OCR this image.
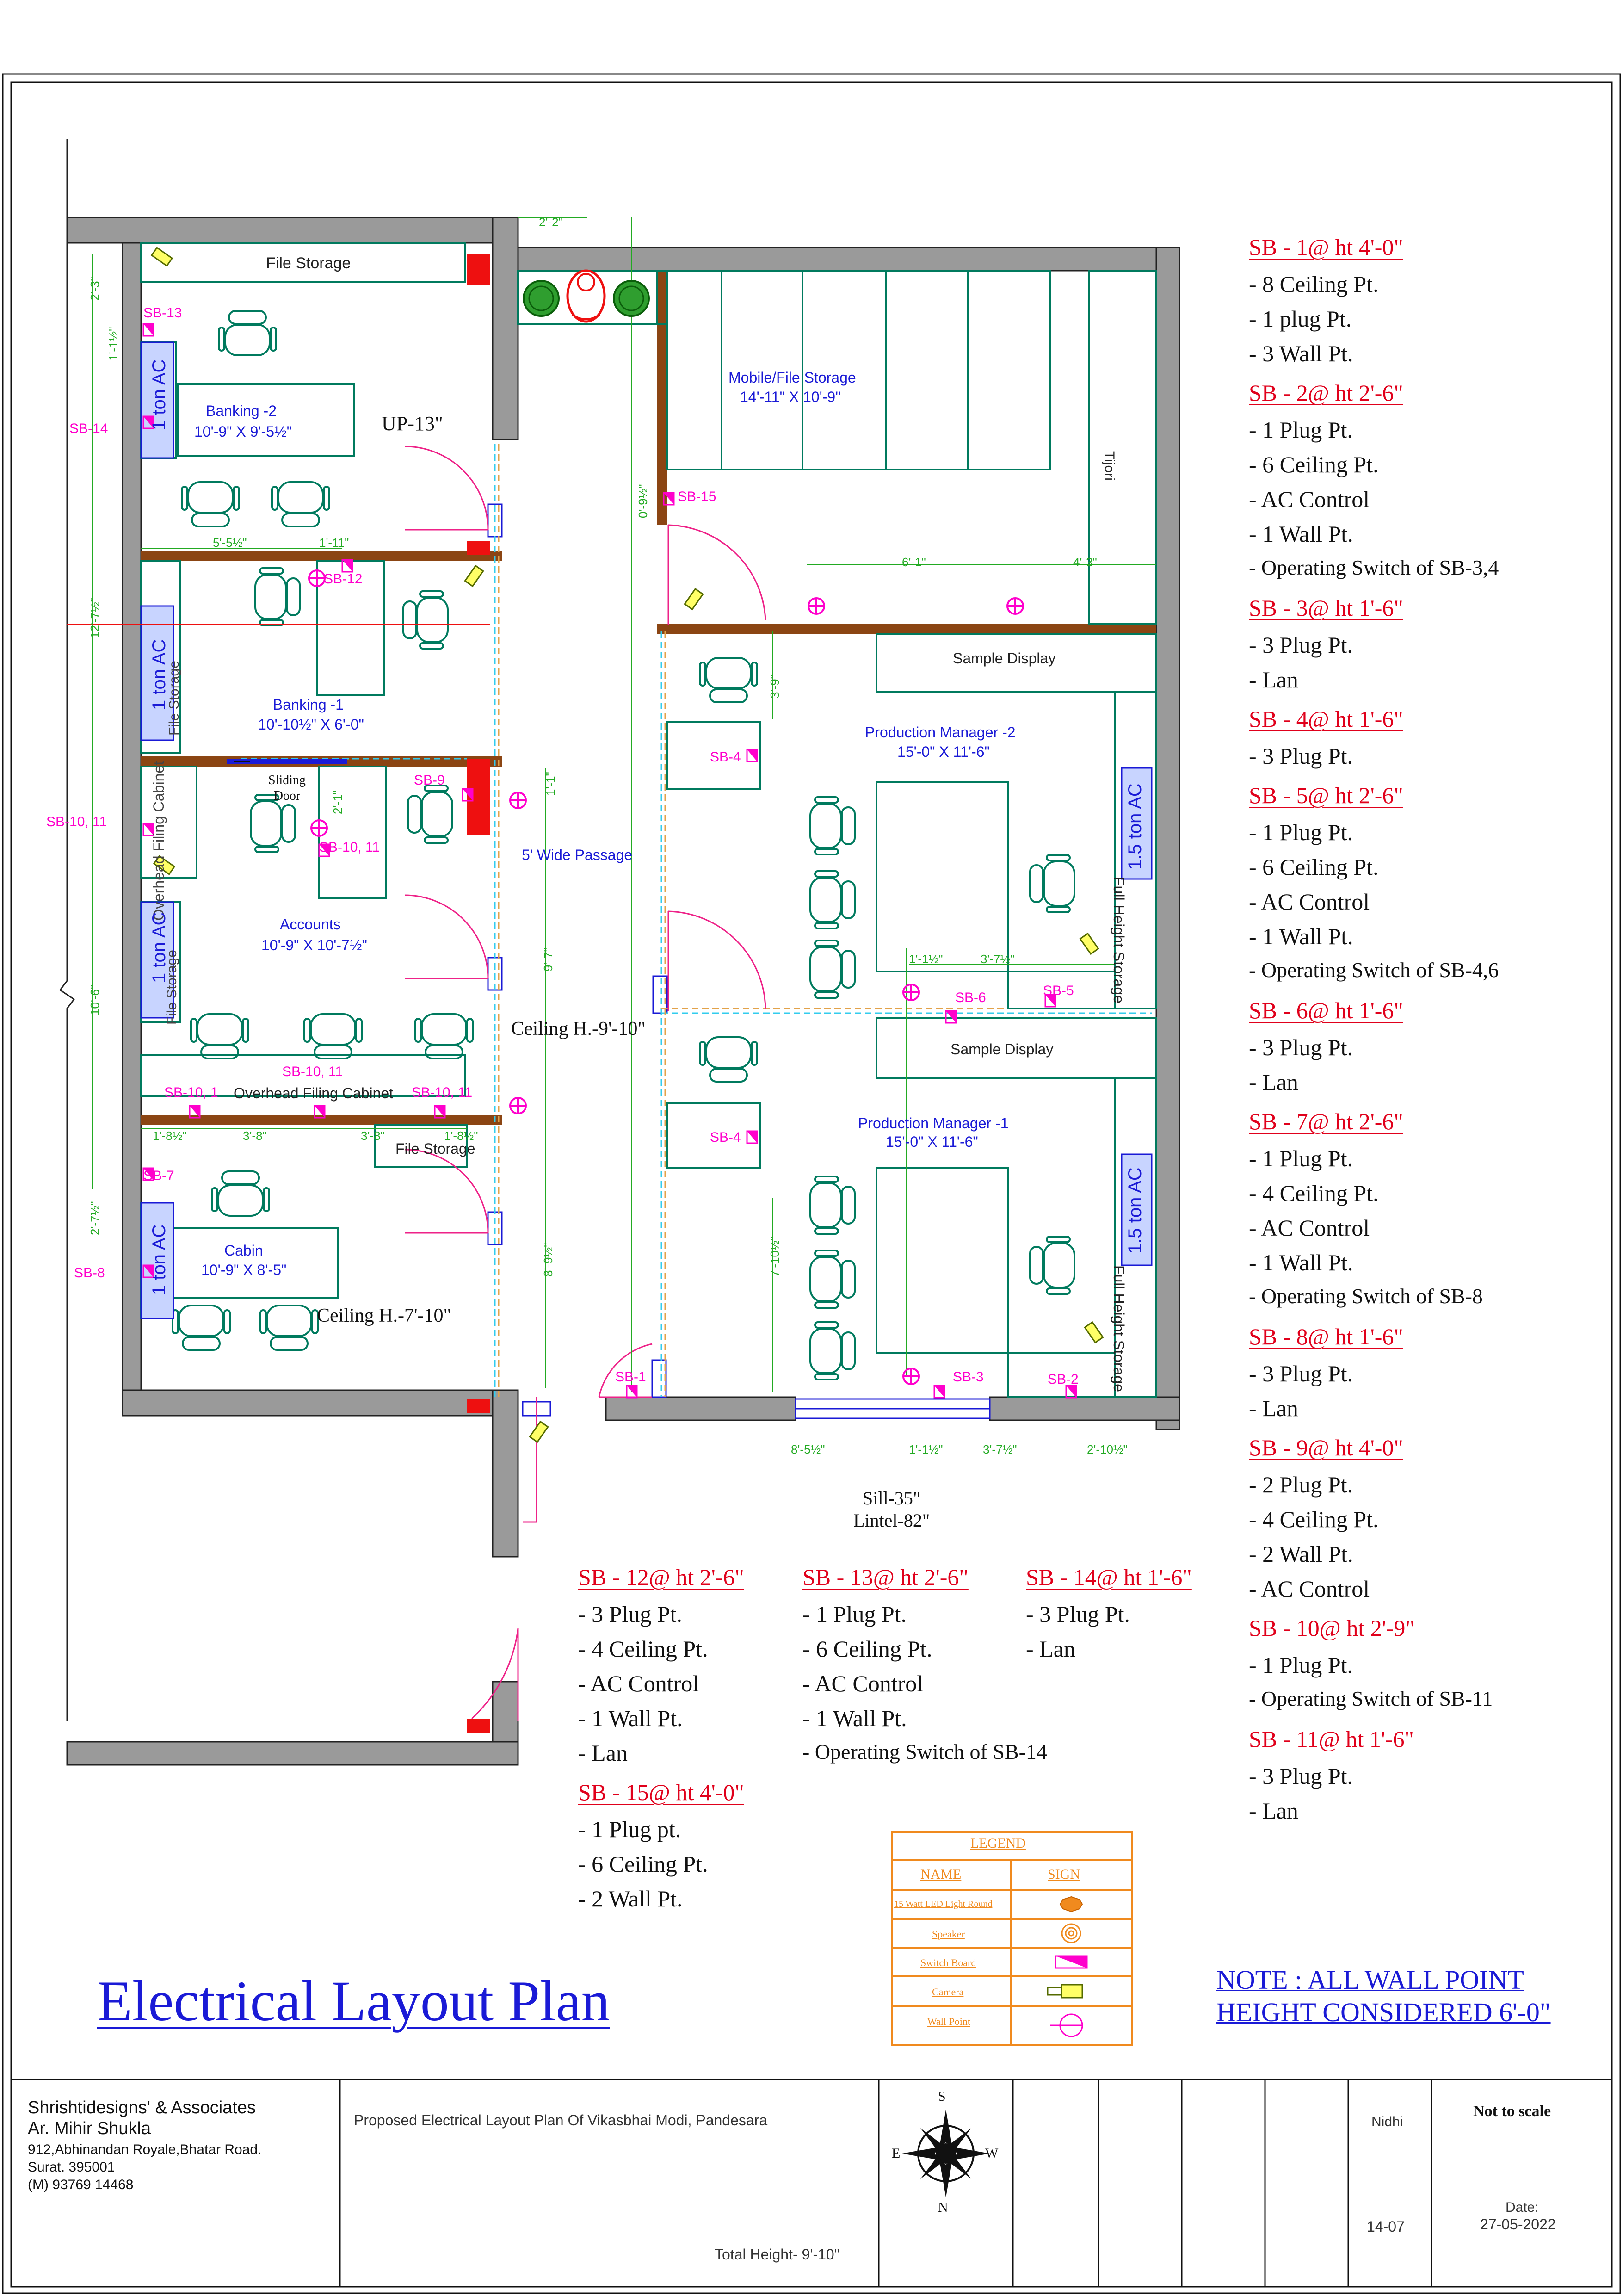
File Storage
Banking -2
10'-9" X 9'-5½"	UP-13"
Banking -1
10'-10½" X 6'-0"
Sliding
Door
Accounts
10'-9" X 10'-7½"
Overhead Filing Cabinet
File Storage
File Storage
Overhead Filing Cabinet
File Storage
Cabin
10'-9" X 8'-5"
Ceiling H.-7'-10"
5' Wide Passage
Ceiling H.-9'-10"
Mobile/File Storage
14'-11" X 10'-9"
Tijori
Sample Display
Sample Display
Production Manager -2
15'-0" X 11'-6"
Production Manager -1
15'-0" X 11'-6"
Full Height Storage
Full Height Storage
Sill-35"
Lintel-82"
1 ton AC
1 ton AC
1 ton AC
1 ton AC
1.5 ton AC
1.5 ton AC
SB-13
SB-14
SB-12
SB-10, 11
SB-9
SB-10, 11
SB-10, 1
SB-10, 11
SB-10, 11
SB-7
SB-8
SB-15
SB-4
SB-6	SB-5
SB-4
SB-1	SB-3	SB-2
2'-2"
1'-11"
5'-5½"
1'-8½"	3'-8"	3'-8"	1'-8½"
6'-1"	4'-3"
3'-7½"
8'-5½"	1'-1½"	3'-7½"	2'-10½"
1'-1½"
12'-7½"
10'-6"
2'-3"
1'-1½"
2'-7½"
2'-1"
1'-1"
9'-7"
8'-9½"
0'-9½"
3'-9"
7'-10½"
SB - 1@ ht 4'-0"
- 8 Ceiling Pt.
- 1 plug Pt.
- 3 Wall Pt.
SB - 2@ ht 2'-6"
- 1 Plug Pt.
- 6 Ceiling Pt.
- AC Control
- 1 Wall Pt.
- Operating Switch of SB-3,4
SB - 3@ ht 1'-6"
- 3 Plug Pt.
- Lan
SB - 4@ ht 1'-6"
- 3 Plug Pt.
SB - 5@ ht 2'-6"
- 1 Plug Pt.
- 6 Ceiling Pt.
- AC Control
- 1 Wall Pt.
- Operating Switch of SB-4,6
SB - 6@ ht 1'-6"
- 3 Plug Pt.
- Lan
SB - 7@ ht 2'-6"
- 1 Plug Pt.
- 4 Ceiling Pt.
- AC Control
- 1 Wall Pt.
- Operating Switch of SB-8
SB - 8@ ht 1'-6"
- 3 Plug Pt.
- Lan
SB - 9@ ht 4'-0"
- 2 Plug Pt.
- 4 Ceiling Pt.
- 2 Wall Pt.
- AC Control
SB - 10@ ht 2'-9"
- 1 Plug Pt.
- Operating Switch of SB-11
SB - 11@ ht 1'-6"
- 3 Plug Pt.
- Lan
SB - 12@ ht 2'-6"
- 3 Plug Pt.
- 4 Ceiling Pt.
- AC Control
- 1 Wall Pt.
- Lan
SB - 15@ ht 4'-0"
- 1 Plug pt.
- 6 Ceiling Pt.
- 2 Wall Pt.
SB - 13@ ht 2'-6"
- 1 Plug Pt.
- 6 Ceiling Pt.
- AC Control
- 1 Wall Pt.
- Operating Switch of SB-14
SB - 14@ ht 1'-6"
- 3 Plug Pt.
- Lan
LEGEND
NAME	SIGN
15 Watt LED Light Round
Speaker
Switch Board
Camera
Wall Point
Electrical Layout Plan	NOTE : ALL WALL POINT
HEIGHT CONSIDERED 6'-0"
Shrishtidesigns' & Associates
Ar. Mihir Shukla
912,Abhinandan Royale,Bhatar Road.
Surat. 395001
(M) 93769 14468
Proposed Electrical Layout Plan Of Vikasbhai Modi, Pandesara
Total Height- 9'-10"
S
E	W
N
Nidhi
14-07
Not to scale
Date:
27-05-2022
